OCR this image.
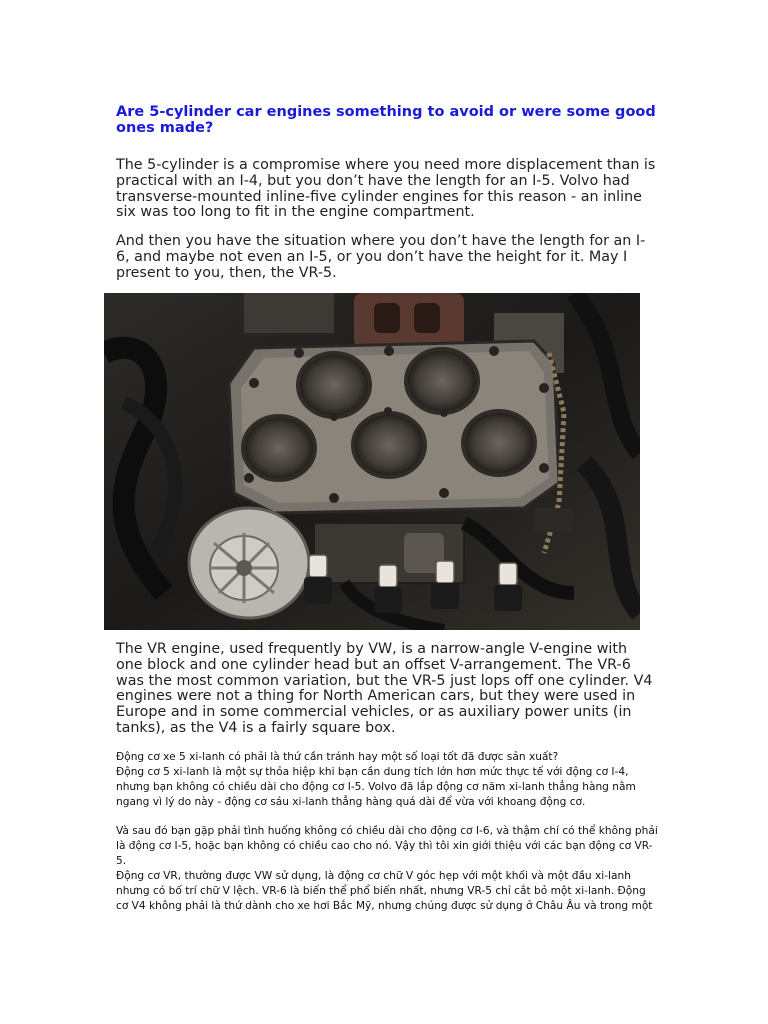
Are 5-cylinder car engines something to avoid or were some good ones made?

The 5-cylinder is a compromise where you need more displacement than is practical with an I-4, but you don’t have the length for an I-5. Volvo had transverse-mounted inline-five cylinder engines for this reason - an inline six was too long to fit in the engine compartment.

And then you have the situation where you don’t have the length for an I-6, and maybe not even an I-5, or you don’t have the height for it. May I present to you, then, the VR-5.

The VR engine, used frequently by VW, is a narrow-angle V-engine with one block and one cylinder head but an offset V-arrangement. The VR-6 was the most common variation, but the VR-5 just lops off one cylinder. V4 engines were not a thing for North American cars, but they were used in Europe and in some commercial vehicles, or as auxiliary power units (in tanks), as the V4 is a fairly square box.

Động cơ xe 5 xi-lanh có phải là thứ cần tránh hay một số loại tốt đã được sản xuất?
Động cơ 5 xi-lanh là một sự thỏa hiệp khi bạn cần dung tích lớn hơn mức thực tế với động cơ I-4, nhưng bạn không có chiều dài cho động cơ I-5. Volvo đã lắp động cơ năm xi-lanh thẳng hàng nằm ngang vì lý do này - động cơ sáu xi-lanh thẳng hàng quá dài để vừa với khoang động cơ.

Và sau đó bạn gặp phải tình huống không có chiều dài cho động cơ I-6, và thậm chí có thể không phải là động cơ I-5, hoặc bạn không có chiều cao cho nó. Vậy thì tôi xin giới thiệu với các bạn động cơ VR-5.

Động cơ VR, thường được VW sử dụng, là động cơ chữ V góc hẹp với một khối và một đầu xi-lanh nhưng có bố trí chữ V lệch. VR-6 là biến thể phổ biến nhất, nhưng VR-5 chỉ cắt bỏ một xi-lanh. Động cơ V4 không phải là thứ dành cho xe hơi Bắc Mỹ, nhưng chúng được sử dụng ở Châu Âu và trong một
